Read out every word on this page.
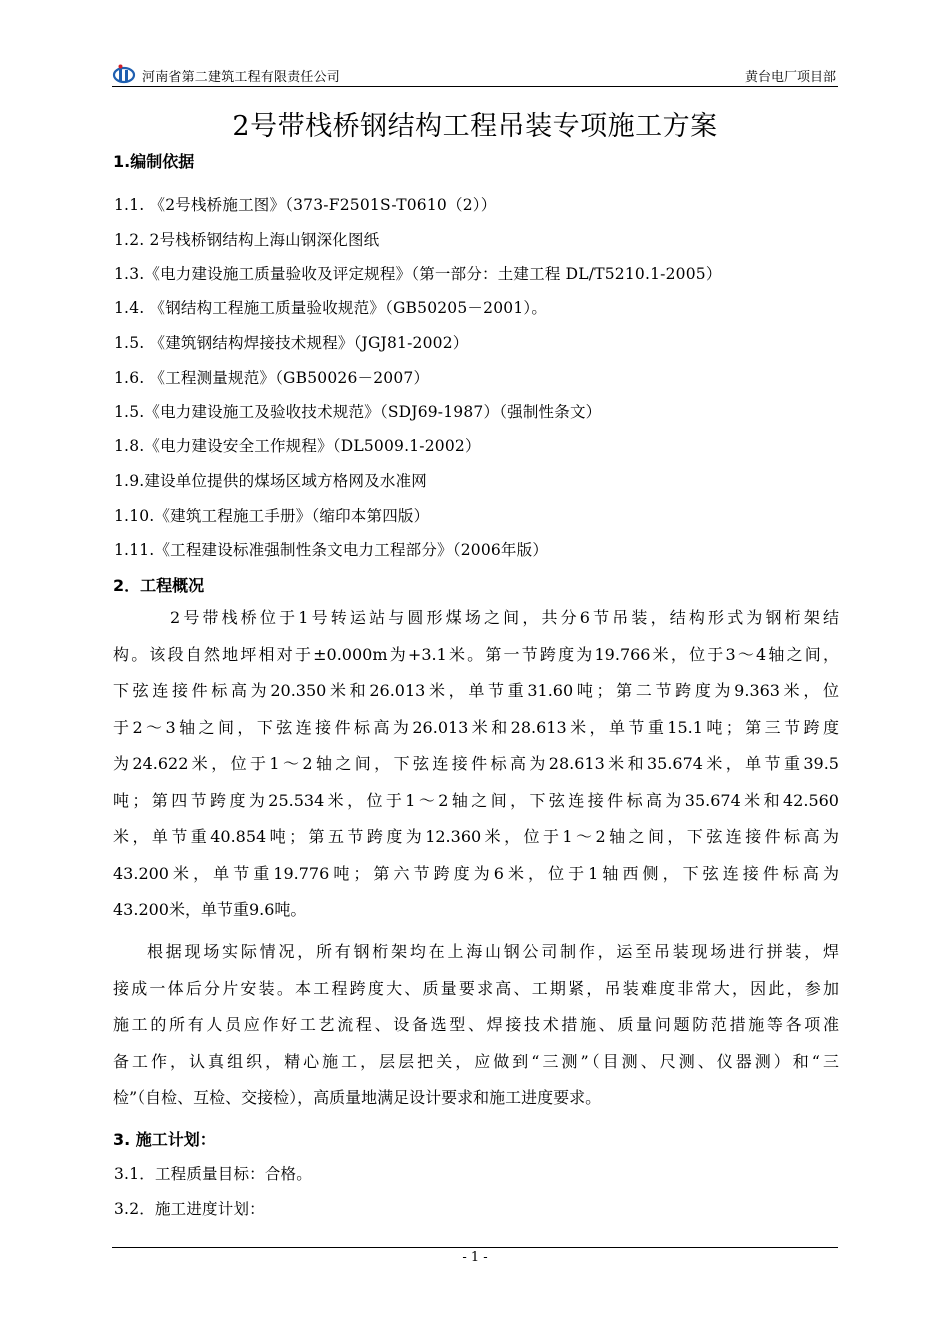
河南省第二建筑工程有限责任公司	黄台电厂项目部
2号带栈桥钢结构工程吊装专项施工方案
1.编制依据
1.1. 《2号栈桥施工图》（373-F2501S-T0610（2））
1.2. 2号栈桥钢结构上海山钢深化图纸
1.3.《电力建设施工质量验收及评定规程》（第一部分：土建工程 DL/T5210.1-2005）
1.4. 《钢结构工程施工质量验收规范》（GB50205－2001）。
1.5. 《建筑钢结构焊接技术规程》（JGJ81-2002）
1.6. 《工程测量规范》（GB50026－2007）
1.5.《电力建设施工及验收技术规范》（SDJ69-1987）（强制性条文）
1.8.《电力建设安全工作规程》（DL5009.1-2002）
1.9.建设单位提供的煤场区域方格网及水准网
1.10.《建筑工程施工手册》（缩印本第四版）
1.11.《工程建设标准强制性条文电力工程部分》（2006年版）
2．工程概况
2号带栈桥位于1号转运站与圆形煤场之间，共分6节吊装，结构形式为钢桁架结
构。该段自然地坪相对于±0.000m为+3.1米。第一节跨度为19.766米，位于3～4轴之间，
下弦连接件标高为20.350米和26.013米，单节重31.60吨；第二节跨度为9.363米，位
于2～3轴之间，下弦连接件标高为26.013米和28.613米，单节重15.1吨；第三节跨度
为24.622米，位于1～2轴之间，下弦连接件标高为28.613米和35.674米，单节重39.5
吨；第四节跨度为25.534米，位于1～2轴之间，下弦连接件标高为35.674米和42.560
米，单节重40.854吨；第五节跨度为12.360米，位于1～2轴之间，下弦连接件标高为
43.200米，单节重19.776吨；第六节跨度为6米，位于1轴西侧，下弦连接件标高为
43.200米，单节重9.6吨。
根据现场实际情况，所有钢桁架均在上海山钢公司制作，运至吊装现场进行拼装，焊
接成一体后分片安装。本工程跨度大、质量要求高、工期紧，吊装难度非常大，因此，参加
施工的所有人员应作好工艺流程、设备选型、焊接技术措施、质量问题防范措施等各项准
备工作，认真组织，精心施工，层层把关，应做到“三测”（目测、尺测、仪器测）和“三
检”（自检、互检、交接检），高质量地满足设计要求和施工进度要求。
3. 施工计划：
3.1．工程质量目标：合格。
3.2．施工进度计划：
- 1 -
